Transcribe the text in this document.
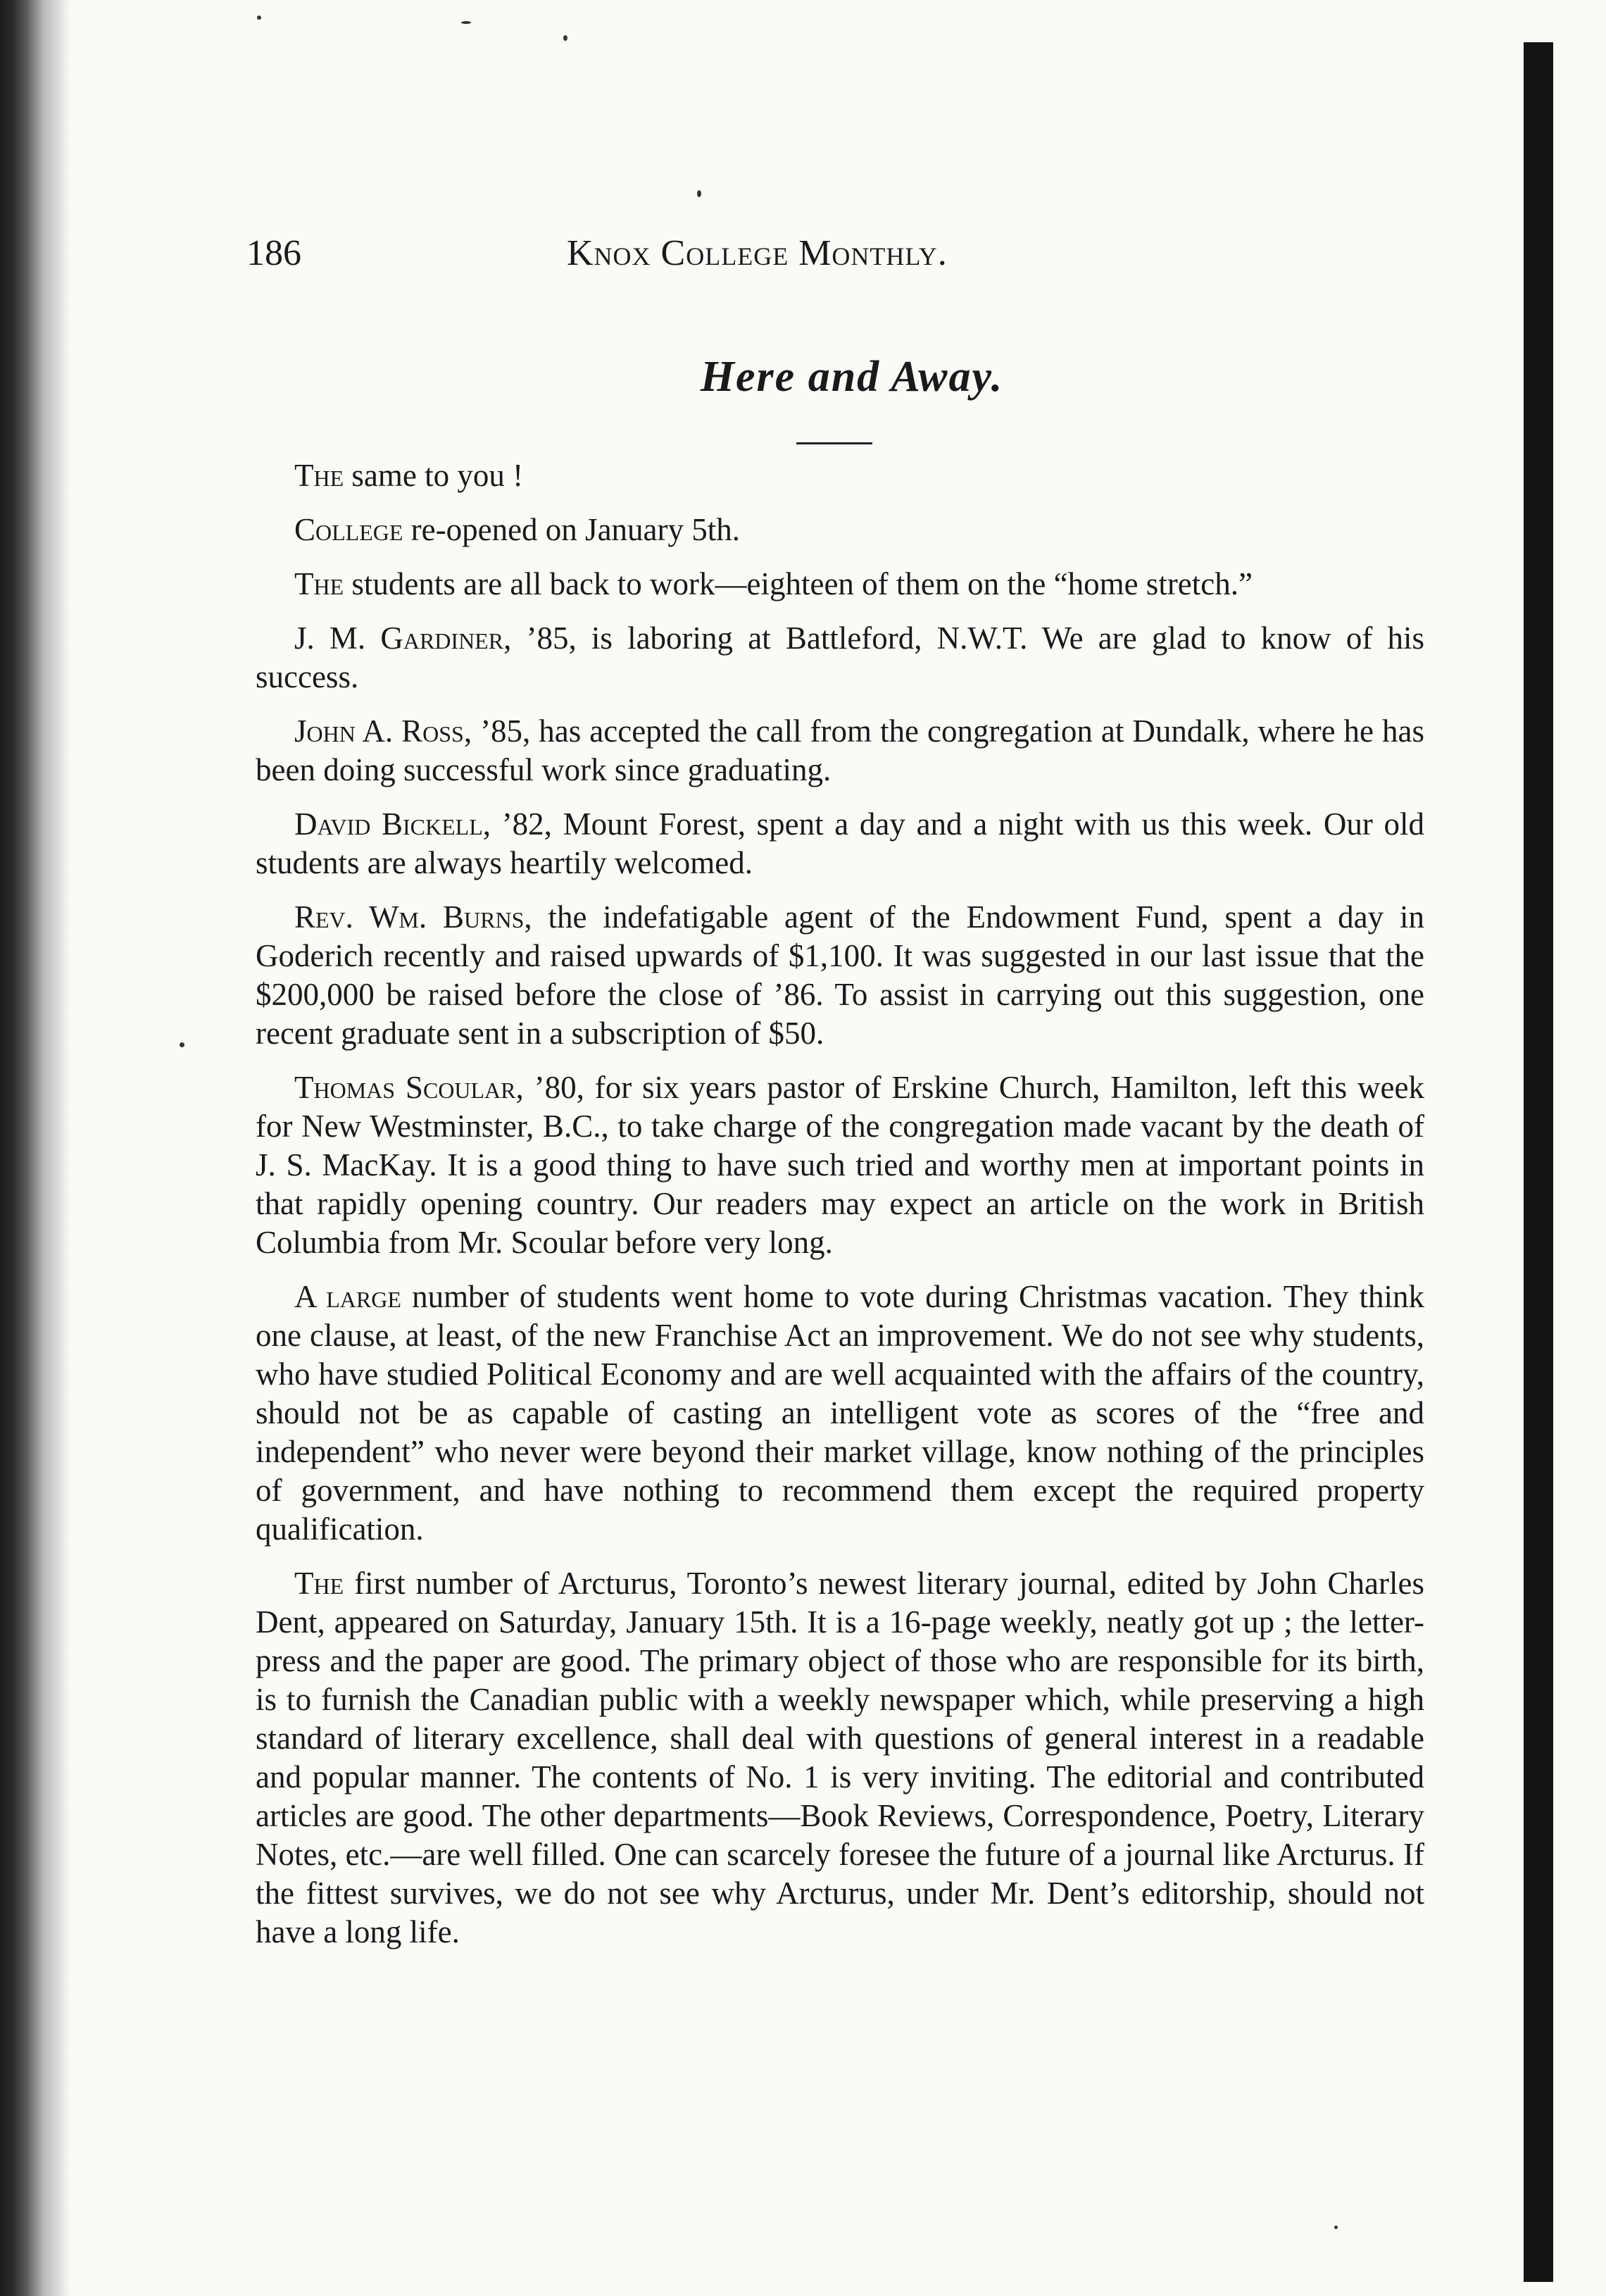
186	Knox College Monthly.
Here and Away.

The same to you !

College re-opened on January 5th.

The students are all back to work—eighteen of them on the “home stretch.”

J. M. Gardiner, ’85, is laboring at Battleford, N.W.T. We are glad to know of his success.

John A. Ross, ’85, has accepted the call from the congregation at Dundalk, where he has been doing successful work since graduating.

David Bickell, ’82, Mount Forest, spent a day and a night with us this week. Our old students are always heartily welcomed.

Rev. Wm. Burns, the indefatigable agent of the Endowment Fund, spent a day in Goderich recently and raised upwards of $1,100. It was suggested in our last issue that the $200,000 be raised before the close of ’86. To assist in carrying out this suggestion, one recent graduate sent in a subscription of $50.

Thomas Scoular, ’80, for six years pastor of Erskine Church, Hamilton, left this week for New Westminster, B.C., to take charge of the congregation made vacant by the death of J. S. MacKay. It is a good thing to have such tried and worthy men at important points in that rapidly opening country. Our readers may expect an article on the work in British Columbia from Mr. Scoular before very long.

A large number of students went home to vote during Christmas vacation. They think one clause, at least, of the new Franchise Act an improvement. We do not see why students, who have studied Political Economy and are well acquainted with the affairs of the country, should not be as capable of casting an intelligent vote as scores of the “free and independent” who never were beyond their market village, know nothing of the principles of government, and have nothing to recommend them except the required property qualification.

The first number of Arcturus, Toronto’s newest literary journal, edited by John Charles Dent, appeared on Saturday, January 15th. It is a 16-page weekly, neatly got up ; the letter-press and the paper are good. The primary object of those who are responsible for its birth, is to furnish the Canadian public with a weekly newspaper which, while preserving a high standard of literary excellence, shall deal with questions of general interest in a readable and popular manner. The contents of No. 1 is very inviting. The editorial and contributed articles are good. The other departments—Book Reviews, Correspondence, Poetry, Literary Notes, etc.—are well filled. One can scarcely foresee the future of a journal like Arcturus. If the fittest survives, we do not see why Arcturus, under Mr. Dent’s editorship, should not have a long life.
